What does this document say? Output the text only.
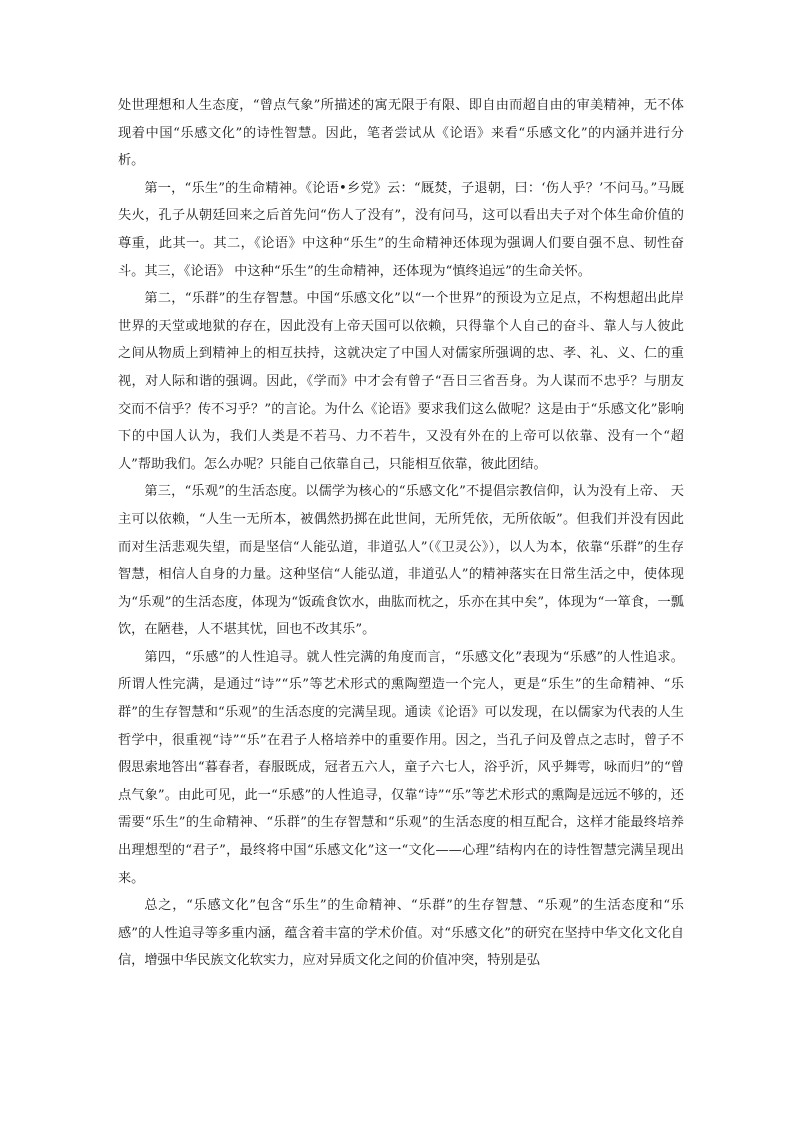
处世理想和人生态度，“曾点气象”所描述的寓无限于有限、即自由而超自由的审美精神，无不体现着中国“乐感文化”的诗性智慧。因此，笔者尝试从《论语》来看“乐感文化”的内涵并进行分析。

第一，“乐生”的生命精神。《论语•乡党》云：“厩焚，子退朝，曰：‘伤人乎？’不问马。”马厩失火，孔子从朝廷回来之后首先问“伤人了没有”，没有问马，这可以看出夫子对个体生命价值的尊重，此其一。其二，《论语》中这种“乐生”的生命精神还体现为强调人们要自强不息、韧性奋斗。其三，《论语》 中这种“乐生”的生命精神，还体现为“慎终追远”的生命关怀。

第二，“乐群”的生存智慧。中国“乐感文化”以“一个世界”的预设为立足点，不构想超出此岸世界的天堂或地狱的存在，因此没有上帝天国可以依赖，只得靠个人自己的奋斗、靠人与人彼此之间从物质上到精神上的相互扶持，这就决定了中国人对儒家所强调的忠、孝、礼、义、仁的重视，对人际和谐的强调。因此，《学而》中才会有曾子“吾日三省吾身。为人谋而不忠乎？与朋友交而不信乎？传不习乎？”的言论。为什么《论语》要求我们这么做呢？这是由于“乐感文化”影响下的中国人认为，我们人类是不若马、力不若牛，又没有外在的上帝可以依靠、没有一个“超人”帮助我们。怎么办呢？只能自己依靠自己，只能相互依靠，彼此团结。

第三，“乐观”的生活态度。以儒学为核心的“乐感文化”不提倡宗教信仰，认为没有上帝、 天主可以依赖，“人生一无所本，被偶然扔掷在此世间，无所凭依，无所依皈”。但我们并没有因此而对生活悲观失望，而是坚信“人能弘道，非道弘人”（《卫灵公》），以人为本，依靠“乐群”的生存智慧，相信人自身的力量。这种坚信“人能弘道，非道弘人”的精神落实在日常生活之中，使体现为“乐观”的生活态度，体现为“饭疏食饮水，曲肱而枕之，乐亦在其中矣”，体现为“一箪食，一瓢饮，在陋巷，人不堪其忧，回也不改其乐”。

第四，“乐感”的人性追寻。就人性完满的角度而言，“乐感文化”表现为“乐感”的人性追求。所谓人性完满，是通过“诗”“乐”等艺术形式的熏陶塑造一个完人，更是“乐生”的生命精神、“乐群”的生存智慧和“乐观”的生活态度的完满呈现。通读《论语》可以发现，在以儒家为代表的人生哲学中，很重视“诗”“乐”在君子人格培养中的重要作用。因之，当孔子问及曾点之志时，曾子不假思索地答出“暮春者，春服既成，冠者五六人，童子六七人，浴乎沂，风乎舞雩，咏而归”的“曾点气象”。由此可见，此一“乐感”的人性追寻，仅靠“诗”“乐”等艺术形式的熏陶是远远不够的，还需要“乐生”的生命精神、“乐群”的生存智慧和“乐观”的生活态度的相互配合，这样才能最终培养出理想型的“君子”，最终将中国“乐感文化”这一“文化——心理”结构内在的诗性智慧完满呈现出来。

总之，“乐感文化”包含“乐生”的生命精神、“乐群”的生存智慧、“乐观”的生活态度和“乐感”的人性追寻等多重内涵，蕴含着丰富的学术价值。对“乐感文化”的研究在坚持中华文化文化自信，增强中华民族文化软实力，应对异质文化之间的价值冲突，特别是弘
